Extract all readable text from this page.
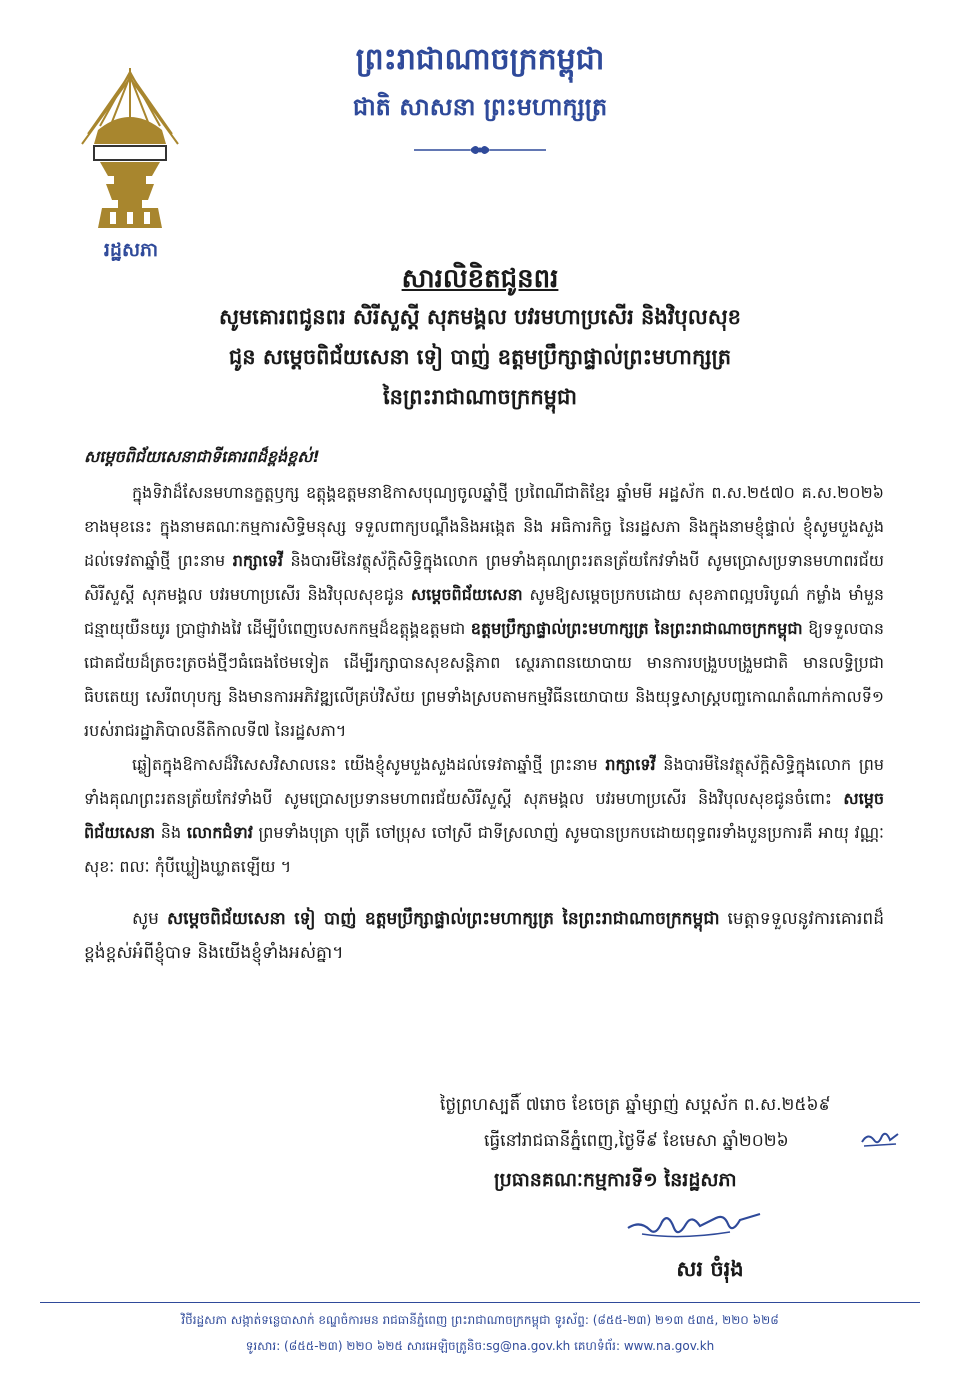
រដ្ឋសភា
ព្រះរាជាណាចក្រកម្ពុជា
ជាតិ សាសនា ព្រះមហាក្សត្រ
សារលិខិតជូនពរ
សូមគោរពជូនពរ សិរីសួស្តី សុភមង្គល បវរមហាប្រសើរ និងវិបុលសុខ
ជូន សម្ដេចពិជ័យសេនា ទៀ បាញ់ ឧត្តមប្រឹក្សាផ្ទាល់ព្រះមហាក្សត្រ
នៃព្រះរាជាណាចក្រកម្ពុជា

សម្ដេចពិជ័យសេនាជាទីគោរពដ៏ខ្ពង់ខ្ពស់!

ក្នុងទិវាដ៏សែនមហានក្ខត្តឫក្ស ឧត្តុង្គឧត្តមនាឱកាសបុណ្យចូលឆ្នាំថ្មី ប្រពៃណីជាតិខ្មែរ ឆ្នាំមមី អដ្ឋស័ក ព.ស.២៥៧០ គ.ស.២០២៦ ខាងមុខនេះ ក្នុងនាមគណៈកម្មការសិទ្ធិមនុស្ស ទទួលពាក្យបណ្តឹងនិងអង្កេត និង អធិការកិច្ច នៃរដ្ឋសភា និងក្នុងនាមខ្ញុំផ្ទាល់ ខ្ញុំសូមបួងសួងដល់ទេវតាឆ្នាំថ្មី ព្រះនាម រាក្សាទេវី និងបារមីនៃវត្ថុស័ក្តិសិទ្ធិក្នុងលោក ព្រមទាំងគុណព្រះរតនត្រ័យកែវទាំងបី សូមប្រោសប្រទានមហាពរជ័យ សិរីសួស្តី សុភមង្គល បវរមហាប្រសើរ និងវិបុលសុខជូន សម្ដេចពិជ័យសេនា សូមឱ្យសម្ដេចប្រកបដោយ សុខភាពល្អបរិបូណ៌ កម្លាំង មាំមួន ជន្មាយុយឺនយូរ ប្រាជ្ញាវាងវៃ ដើម្បីបំពេញបេសកកម្មដ៏ឧត្តុង្គឧត្តមជា ឧត្តមប្រឹក្សាផ្ទាល់ព្រះមហាក្សត្រ នៃព្រះរាជាណាចក្រកម្ពុជា ឱ្យទទួលបានជោគជ័យដ៏ត្រចះត្រចង់ថ្មីៗធំធេងថែមទៀត ដើម្បីរក្សាបានសុខសន្តិភាព ស្ថេរភាពនយោបាយ មានការបង្រួបបង្រួមជាតិ មានលទ្ធិប្រជាធិបតេយ្យ សេរីពហុបក្ស និងមានការអភិវឌ្ឍលើគ្រប់វិស័យ ព្រមទាំងស្របតាមកម្មវិធីនយោបាយ និងយុទ្ធសាស្ត្របញ្ចកោណតំណាក់កាលទី១ របស់រាជរដ្ឋាភិបាលនីតិកាលទី៧ នៃរដ្ឋសភា។

ឆ្លៀតក្នុងឱកាសដ៏វិសេសវិសាលនេះ យើងខ្ញុំសូមបួងសួងដល់ទេវតាឆ្នាំថ្មី ព្រះនាម រាក្សាទេវី និងបារមីនៃវត្ថុស័ក្តិសិទ្ធិក្នុងលោក ព្រមទាំងគុណព្រះរតនត្រ័យកែវទាំងបី សូមប្រោសប្រទានមហាពរជ័យសិរីសួស្តី សុភមង្គល បវរមហាប្រសើរ និងវិបុលសុខជូនចំពោះ សម្ដេចពិជ័យសេនា និង លោកជំទាវ ព្រមទាំងបុត្រា បុត្រី ចៅប្រុស ចៅស្រី ជាទីស្រលាញ់ សូមបានប្រកបដោយពុទ្ធពរទាំងបួនប្រការគឺ អាយុ វណ្ណៈ សុខៈ ពលៈ កុំបីឃ្លៀងឃ្លាតឡើយ ។

សូម សម្ដេចពិជ័យសេនា ទៀ បាញ់ ឧត្តមប្រឹក្សាផ្ទាល់ព្រះមហាក្សត្រ នៃព្រះរាជាណាចក្រកម្ពុជា មេត្តាទទួលនូវការគោរពដ៏ខ្ពង់ខ្ពស់អំពីខ្ញុំបាទ និងយើងខ្ញុំទាំងអស់គ្នា។

ថ្ងៃព្រហស្បតិ៍ ៧រោច ខែចេត្រ ឆ្នាំម្សាញ់ សប្តស័ក ព.ស.២៥៦៩
ធ្វើនៅរាជធានីភ្នំពេញ,ថ្ងៃទី៩ ខែមេសា ឆ្នាំ២០២៦
ប្រធានគណៈកម្មការទី១ នៃរដ្ឋសភា
សរ ចំរុង
វិថីរដ្ឋសភា សង្កាត់ទន្លេបាសាក់ ខណ្ឌចំការមន រាជធានីភ្នំពេញ ព្រះរាជាណាចក្រកម្ពុជា ទូរស័ព្ទ: (៨៥៥-២៣) ២១៣ ៥៣៥, ២២០ ៦២៨
ទូរសារ: (៨៥៥-២៣) ២២០ ៦២៥ សារអេឡិចត្រូនិច:sg@na.gov.kh គេហទំព័រ: www.na.gov.kh
